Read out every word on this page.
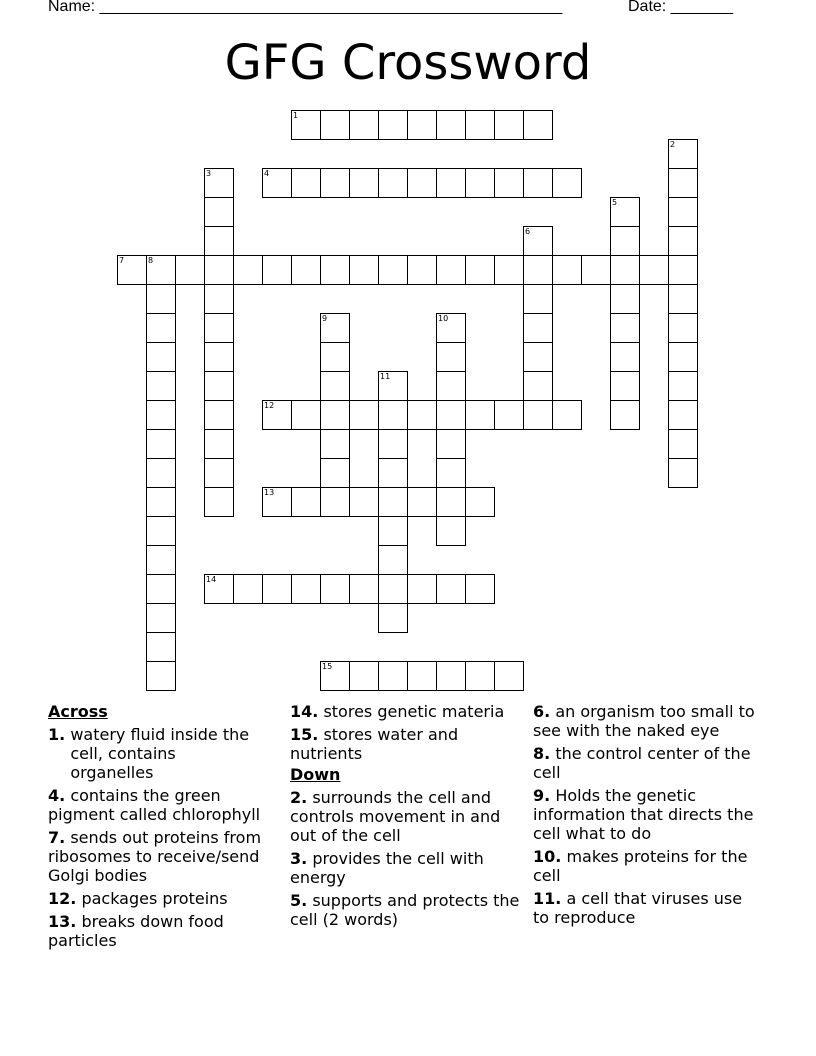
Name: ____________________________________________________

	Date: _______

GFG Crossword
1
4
7	8
12
13
14
15
2
3
5
6
9	10
11
Across
1. watery fluid inside the cell, contains organelles
4. contains the green pigment called chlorophyll
7. sends out proteins from ribosomes to receive/send Golgi bodies
12. packages proteins
13. breaks down food particles
14. stores genetic materia
15. stores water and nutrients
Down
2. surrounds the cell and controls movement in and out of the cell
3. provides the cell with energy
5. supports and protects the cell (2 words)
6. an organism too small to see with the naked eye
8. the control center of the cell
9. Holds the genetic information that directs the cell what to do
10. makes proteins for the cell
11. a cell that viruses use to reproduce
